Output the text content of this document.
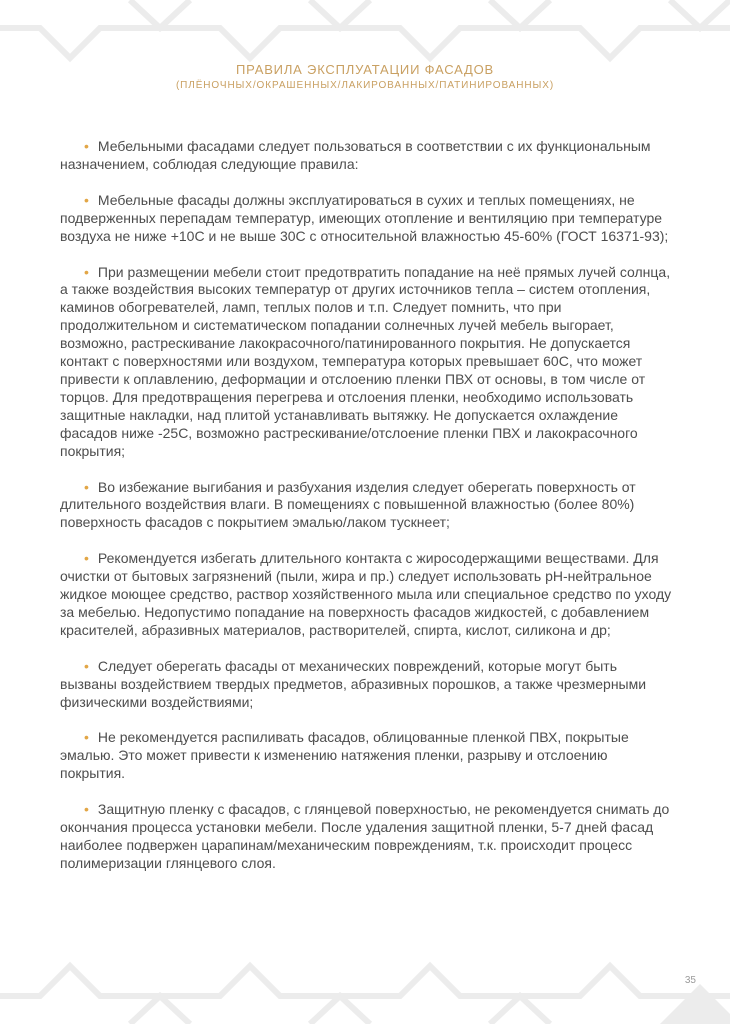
ПРАВИЛА ЭКСПЛУАТАЦИИ ФАСАДОВ
(ПЛЁНОЧНЫХ/ОКРАШЕННЫХ/ЛАКИРОВАННЫХ/ПАТИНИРОВАННЫХ)

• Мебельными фасадами следует пользоваться в соответствии с их функциональным назначением, соблюдая следующие правила:

• Мебельные фасады должны эксплуатироваться в сухих и теплых помещениях, не подверженных перепадам температур, имеющих отопление и вентиляцию при температуре воздуха не ниже +10С и не выше 30С с относительной влажностью 45-60% (ГОСТ 16371-93);

• При размещении мебели стоит предотвратить попадание на неё прямых лучей солнца, а также воздействия высоких температур от других источников тепла – систем отопления, каминов обогревателей, ламп, теплых полов и т.п. Следует помнить, что при продолжительном и систематическом попадании солнечных лучей мебель выгорает, возможно, растрескивание лакокрасочного/патинированного покрытия. Не допускается контакт с поверхностями или воздухом, температура которых превышает 60С, что может привести к оплавлению, деформации и отслоению пленки ПВХ от основы, в том числе от торцов. Для предотвращения перегрева и отслоения пленки, необходимо использовать защитные накладки, над плитой устанавливать вытяжку. Не допускается охлаждение фасадов ниже -25С, возможно растрескивание/отслоение пленки ПВХ и лакокрасочного покрытия;

• Во избежание выгибания и разбухания изделия следует оберегать поверхность от длительного воздействия влаги. В помещениях с повышенной влажностью (более 80%) поверхность фасадов с покрытием эмалью/лаком тускнеет;

• Рекомендуется избегать длительного контакта с жиросодержащими веществами. Для очистки от бытовых загрязнений (пыли, жира и пр.) следует использовать pH-нейтральное жидкое моющее средство, раствор хозяйственного мыла или специальное средство по уходу за мебелью. Недопустимо попадание на поверхность фасадов жидкостей, с добавлением красителей, абразивных материалов, растворителей, спирта, кислот, силикона и др;

• Следует оберегать фасады от механических повреждений, которые могут быть вызваны воздействием твердых предметов, абразивных порошков, а также чрезмерными физическими воздействиями;

• Не рекомендуется распиливать фасадов, облицованные пленкой ПВХ, покрытые эмалью. Это может привести к изменению натяжения пленки, разрыву и отслоению покрытия.

• Защитную пленку с фасадов, с глянцевой поверхностью, не рекомендуется снимать до окончания процесса установки мебели. После удаления защитной пленки, 5-7 дней фасад наиболее подвержен царапинам/механическим повреждениям, т.к. происходит процесс полимеризации глянцевого слоя.

35
